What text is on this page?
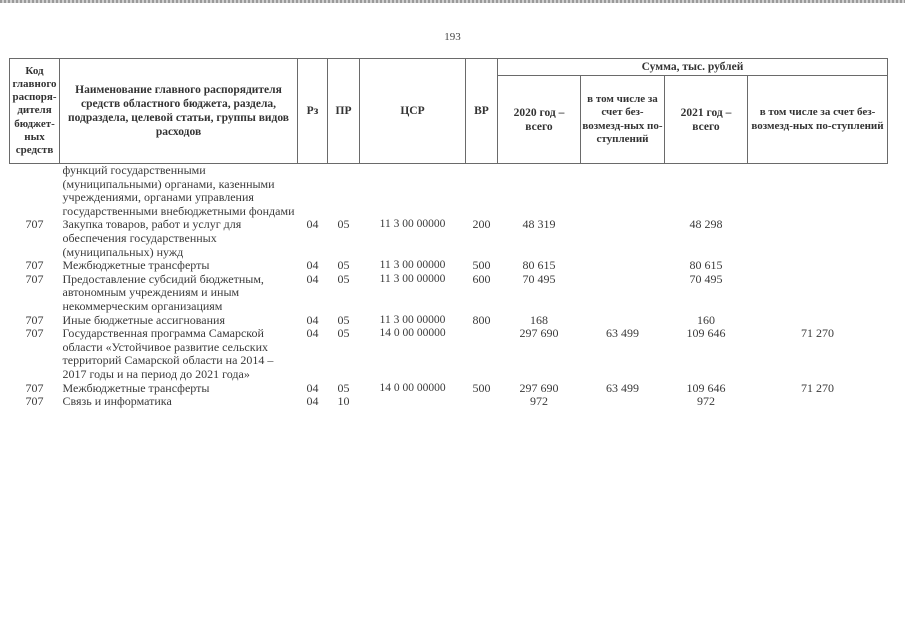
193
Код главного распоря-дителя бюджет-ных средств	Наименование главного распорядителя средств областного бюджета, раздела, подраздела, целевой статьи, группы видов расходов	Рз	ПР	ЦСР	ВР	Сумма, тыс. рублей			
						2020 год – всего	в том числе за счет без-возмезд-ных по-ступлений	2021 год – всего	в том числе за счет без-возмезд-ных по-ступлений
	функций государственными (муниципальными) органами, казенными учреждениями, органами управления государственными внебюджетными фондами								
707	Закупка товаров, работ и услуг для обеспечения государственных (муниципальных) нужд	04	05	11 3 00 00000	200	48 319		48 298	
707	Межбюджетные трансферты	04	05	11 3 00 00000	500	80 615		80 615	
707	Предоставление субсидий бюджетным, автономным учреждениям и иным некоммерческим организациям	04	05	11 3 00 00000	600	70 495		70 495	
707	Иные бюджетные ассигнования	04	05	11 3 00 00000	800	168		160	
707	Государственная программа Самарской области «Устойчивое развитие сельских территорий Самарской области на 2014 – 2017 годы и на период до 2021 года»	04	05	14 0 00 00000		297 690	63 499	109 646	71 270
707	Межбюджетные трансферты	04	05	14 0 00 00000	500	297 690	63 499	109 646	71 270
707	Связь и информатика	04	10			972		972	
